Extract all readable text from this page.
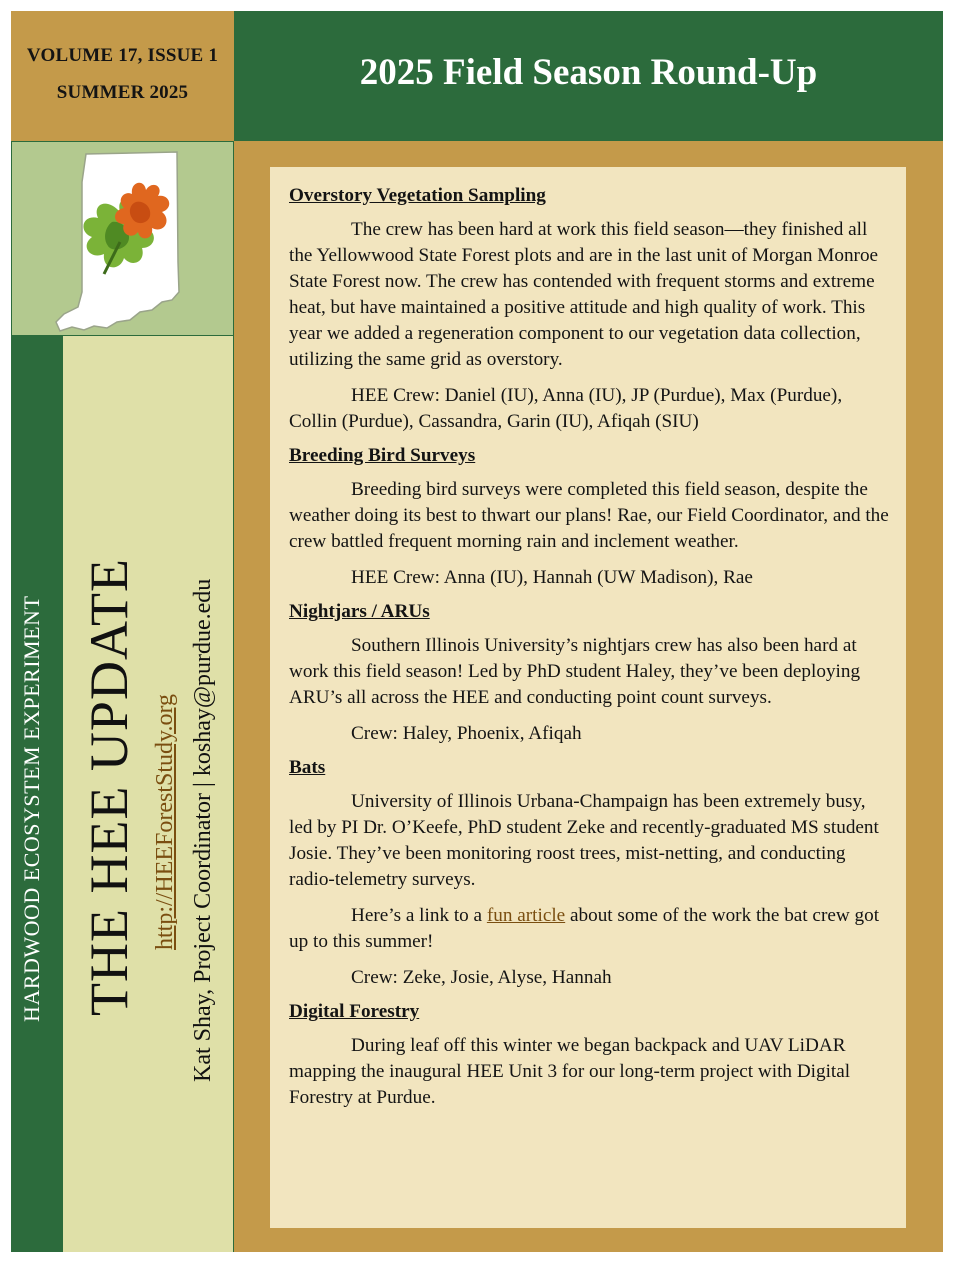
VOLUME 17, ISSUE 1
SUMMER 2025	2025 Field Season Round-Up
HARDWOOD ECOSYSTEM EXPERIMENT THE HEE UPDATE http://HEEForestStudy.org Kat Shay, Project Coordinator | koshay@purdue.edu
Overstory Vegetation Sampling

The crew has been hard at work this field season—they finished all the Yellowwood State Forest plots and are in the last unit of Morgan Monroe State Forest now. The crew has contended with frequent storms and extreme heat, but have maintained a positive attitude and high quality of work. This year we added a regeneration component to our vegetation data collection, utilizing the same grid as overstory.

HEE Crew: Daniel (IU), Anna (IU), JP (Purdue), Max (Purdue), Collin (Purdue), Cassandra, Garin (IU), Afiqah (SIU)

Breeding Bird Surveys

Breeding bird surveys were completed this field season, despite the weather doing its best to thwart our plans! Rae, our Field Coordinator, and the crew battled frequent morning rain and inclement weather.

HEE Crew: Anna (IU), Hannah (UW Madison), Rae

Nightjars / ARUs

Southern Illinois University’s nightjars crew has also been hard at work this field season! Led by PhD student Haley, they’ve been deploying ARU’s all across the HEE and conducting point count surveys.

Crew: Haley, Phoenix, Afiqah

Bats

University of Illinois Urbana-Champaign has been extremely busy, led by PI Dr. O’Keefe, PhD student Zeke and recently-graduated MS student Josie. They’ve been monitoring roost trees, mist-netting, and conducting radio-telemetry surveys.

Here’s a link to a fun article about some of the work the bat crew got up to this summer!

Crew: Zeke, Josie, Alyse, Hannah

Digital Forestry

During leaf off this winter we began backpack and UAV LiDAR mapping the inaugural HEE Unit 3 for our long-term project with Digital Forestry at Purdue.
